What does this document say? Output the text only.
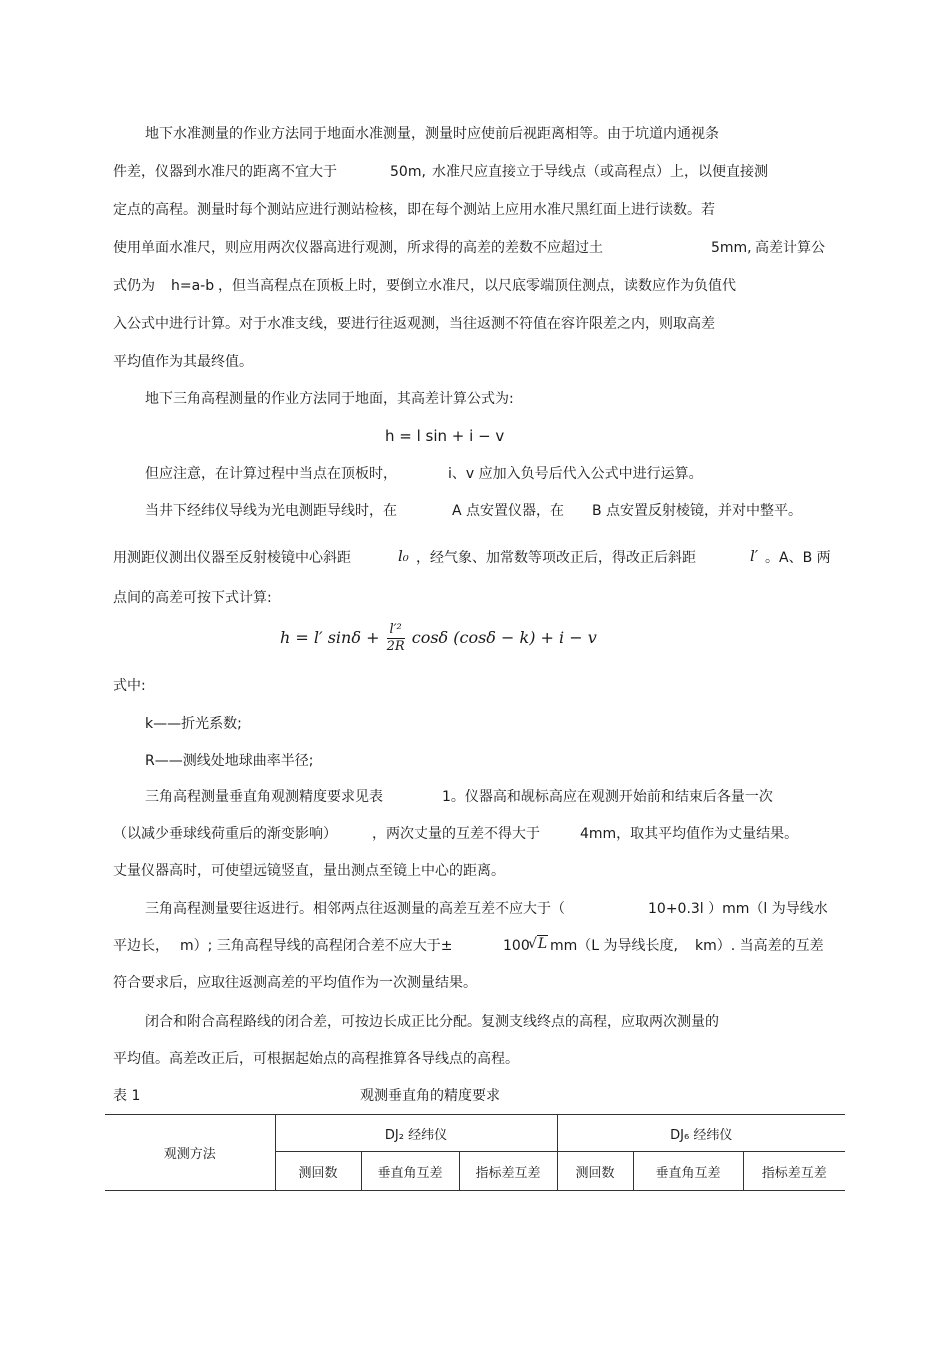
地下水准测量的作业方法同于地面水准测量，测量时应使前后视距离相等。由于坑道内通视条
件差，仪器到水准尺的距离不宜大于	50m, 水准尺应直接立于导线点（或高程点）上，以便直接测
定点的高程。测量时每个测站应进行测站检核，即在每个测站上应用水准尺黑红面上进行读数。若
使用单面水准尺，则应用两次仪器高进行观测，所求得的高差的差数不应超过土	5mm, 高差计算公
式仍为 h=a-b ，但当高程点在顶板上时，要倒立水准尺，以尺底零端顶住测点，读数应作为负值代
入公式中进行计算。对于水准支线，要进行往返观测，当往返测不符值在容许限差之内，则取高差
平均值作为其最终值。
地下三角高程测量的作业方法同于地面，其高差计算公式为:
h = l sin + i − v
但应注意，在计算过程中当点在顶板时，	i、v 应加入负号后代入公式中进行运算。
当井下经纬仪导线为光电测距导线时，在	A 点安置仪器，在 B 点安置反射棱镜，并对中整平。
用测距仪测出仪器至反射棱镜中心斜距	l₀ ，经气象、加常数等项改正后，得改正后斜距	l′ 。A、B 两
点间的高差可按下式计算:
h = l′ $\sin\delta + \frac{\text{l′²}}{2R}$ cosδ (cosδ − k) + i − v
式中:
k——折光系数;
R——测线处地球曲率半径;
三角高程测量垂直角观测精度要求见表	1。仪器高和觇标高应在观测开始前和结束后各量一次
（以减少垂球线荷重后的渐变影响）	，两次丈量的互差不得大于	4mm，取其平均值作为丈量结果。
丈量仪器高时，可使望远镜竖直，量出测点至镜上中心的距离。
三角高程测量要往返进行。相邻两点往返测量的高差互差不应大于（	10+0.3l ）mm（l 为导线水
平边长， m）; 三角高程导线的高程闭合差不应大于±	100
√L mm（L 为导线长度, km）. 当高差的互差
符合要求后，应取往返测高差的平均值作为一次测量结果。
闭合和附合高程路线的闭合差，可按边长成正比分配。复测支线终点的高程，应取两次测量的
平均值。高差改正后，可根据起始点的高程推算各导线点的高程。
表 1	观测垂直角的精度要求
观测方法	DJ₂ 经纬仪			DJ₆ 经纬仪		
	测回数	垂直角互差	指标差互差	测回数	垂直角互差	指标差互差
